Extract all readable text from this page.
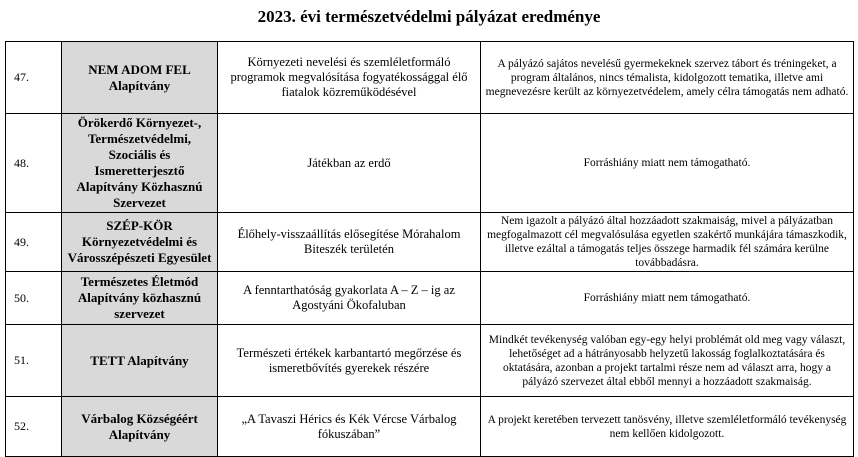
2023. évi természetvédelmi pályázat eredménye
47.	NEM ADOM FEL Alapítvány	Környezeti nevelési és szemléletformáló programok megvalósítása fogyatékossággal élő fiatalok közreműködésével	A pályázó sajátos nevelésű gyermekeknek szervez tábort és tréningeket, a program általános, nincs témalista, kidolgozott tematika, illetve ami megnevezésre került az környezetvédelem, amely célra támogatás nem adható.
48.	Örökerdő Környezet-, Természetvédelmi, Szociális és Ismeretterjesztő Alapítvány Közhasznú Szervezet	Játékban az erdő	Forráshiány miatt nem támogatható.
49.	SZÉP-KÖR Környezetvédelmi és Városszépészeti Egyesület	Élőhely-visszaállítás elősegítése Mórahalom Biteszék területén	Nem igazolt a pályázó által hozzáadott szakmaiság, mivel a pályázatban megfogalmazott cél megvalósulása egyetlen szakértő munkájára támaszkodik, illetve ezáltal a támogatás teljes összege harmadik fél számára kerülne továbbadásra.
50.	Természetes Életmód Alapítvány közhasznú szervezet	A fenntarthatóság gyakorlata A – Z – ig az Agostyáni Ökofaluban	Forráshiány miatt nem támogatható.
51.	TETT Alapítvány	Természeti értékek karbantartó megőrzése és ismeretbővítés gyerekek részére	Mindkét tevékenység valóban egy-egy helyi problémát old meg vagy választ, lehetőséget ad a hátrányosabb helyzetű lakosság foglalkoztatására és oktatására, azonban a projekt tartalmi része nem ad választ arra, hogy a pályázó szervezet által ebből mennyi a hozzáadott szakmaiság.
52.	Várbalog Községéért Alapítvány	„A Tavaszi Hérics és Kék Vércse Várbalog fókuszában”	A projekt keretében tervezett tanösvény, illetve szemléletformáló tevékenység nem kellően kidolgozott.
